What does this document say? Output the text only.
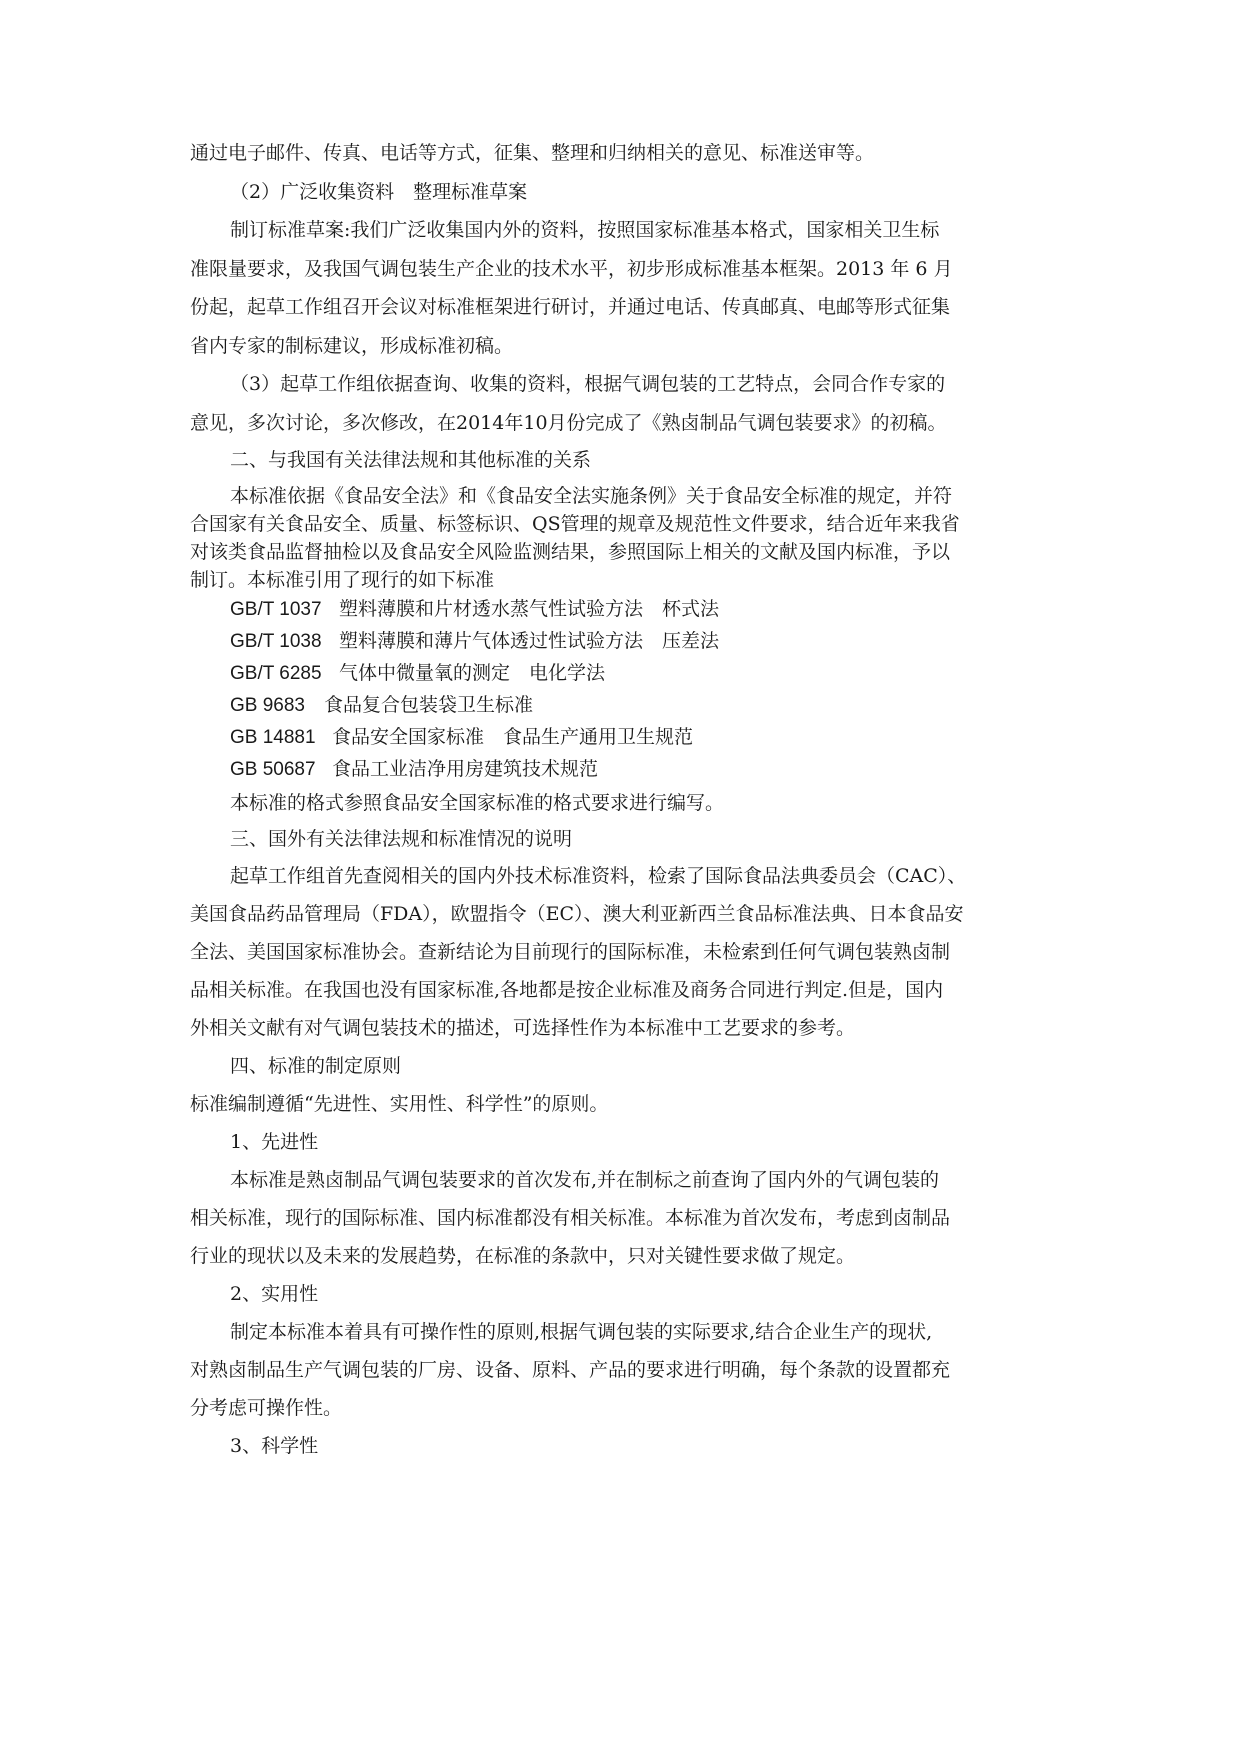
通过电子邮件、传真、电话等方式，征集、整理和归纳相关的意见、标准送审等。
（2）广泛收集资料　整理标准草案
制订标准草案:我们广泛收集国内外的资料，按照国家标准基本格式，国家相关卫生标
准限量要求，及我国气调包装生产企业的技术水平，初步形成标准基本框架。2013 年 6 月
份起，起草工作组召开会议对标准框架进行研讨，并通过电话、传真邮真、电邮等形式征集
省内专家的制标建议，形成标准初稿。
（3）起草工作组依据查询、收集的资料，根据气调包装的工艺特点，会同合作专家的
意见，多次讨论，多次修改，在2014年10月份完成了《熟卤制品气调包装要求》的初稿。
二、与我国有关法律法规和其他标准的关系
本标准依据《食品安全法》和《食品安全法实施条例》关于食品安全标准的规定，并符
合国家有关食品安全、质量、标签标识、QS管理的规章及规范性文件要求，结合近年来我省
对该类食品监督抽检以及食品安全风险监测结果，参照国际上相关的文献及国内标准，予以
制订。本标准引用了现行的如下标准
GB/T 1037 塑料薄膜和片材透水蒸气性试验方法　杯式法
GB/T 1038 塑料薄膜和薄片气体透过性试验方法　压差法
GB/T 6285 气体中微量氧的测定　电化学法
GB 9683 食品复合包装袋卫生标准
GB 14881 食品安全国家标准　食品生产通用卫生规范
GB 50687 食品工业洁净用房建筑技术规范
本标准的格式参照食品安全国家标准的格式要求进行编写。
三、国外有关法律法规和标准情况的说明
起草工作组首先查阅相关的国内外技术标准资料，检索了国际食品法典委员会（CAC）、
美国食品药品管理局（FDA），欧盟指令（EC）、澳大利亚新西兰食品标准法典、日本食品安
全法、美国国家标准协会。查新结论为目前现行的国际标准，未检索到任何气调包装熟卤制
品相关标准。在我国也没有国家标准,各地都是按企业标准及商务合同进行判定.但是，国内
外相关文献有对气调包装技术的描述，可选择性作为本标准中工艺要求的参考。
四、标准的制定原则
标准编制遵循“先进性、实用性、科学性”的原则。
1、先进性
本标准是熟卤制品气调包装要求的首次发布,并在制标之前查询了国内外的气调包装的
相关标准，现行的国际标准、国内标准都没有相关标准。本标准为首次发布，考虑到卤制品
行业的现状以及未来的发展趋势，在标准的条款中，只对关键性要求做了规定。
2、实用性
制定本标准本着具有可操作性的原则,根据气调包装的实际要求,结合企业生产的现状,
对熟卤制品生产气调包装的厂房、设备、原料、产品的要求进行明确，每个条款的设置都充
分考虑可操作性。
3、科学性
